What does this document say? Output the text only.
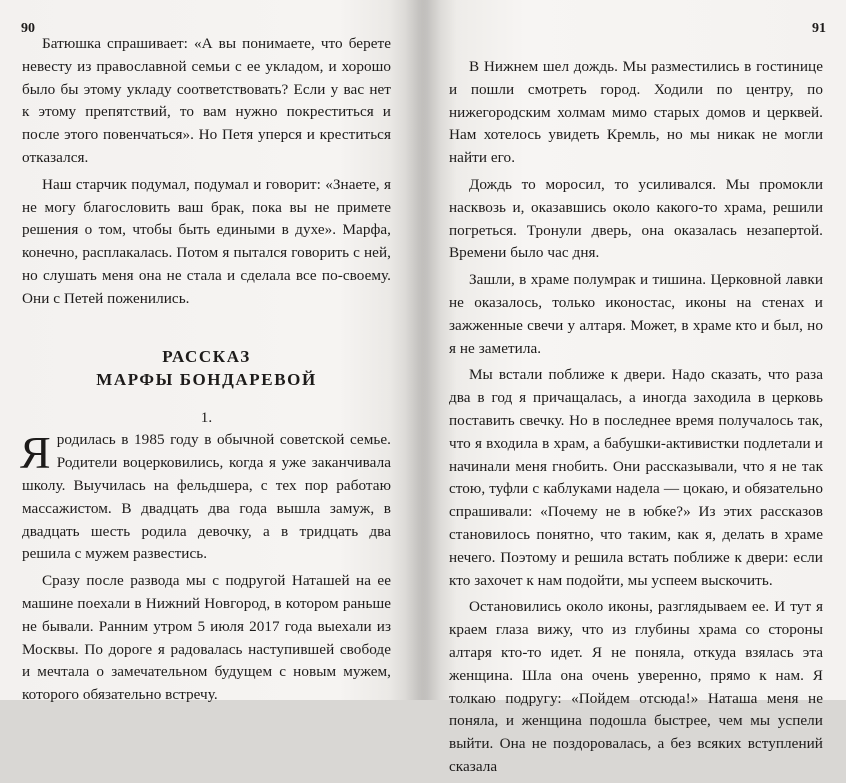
90

Батюшка спрашивает: «А вы понимаете, что берете невесту из православной семьи с ее укладом, и хорошо было бы этому укладу соответствовать? Если у вас нет к этому препятствий, то вам нужно покреститься и после этого повенчаться». Но Петя уперся и креститься отказался.

Наш старчик подумал, подумал и говорит: «Знаете, я не могу благословить ваш брак, пока вы не примете решения о том, чтобы быть едиными в духе». Марфа, конечно, расплакалась. Потом я пытался говорить с ней, но слушать меня она не стала и сделала все по-своему. Они с Петей поженились.

РАССКАЗ
МАРФЫ БОНДАРЕВОЙ
1.

Я родилась в 1985 году в обычной советской семье. Родители воцерковились, когда я уже заканчивала школу. Выучилась на фельдшера, с тех пор работаю массажистом. В двадцать два года вышла замуж, в двадцать шесть родила девочку, а в тридцать два решила с мужем развестись.

Сразу после развода мы с подругой Наташей на ее машине поехали в Нижний Новгород, в котором раньше не бывали. Ранним утром 5 июля 2017 года выехали из Москвы. По дороге я радовалась наступившей свободе и мечтала о замечательном будущем с новым мужем, которого обязательно встречу.

91

В Нижнем шел дождь. Мы разместились в гостинице и пошли смотреть город. Ходили по центру, по нижегородским холмам мимо старых домов и церквей. Нам хотелось увидеть Кремль, но мы никак не могли найти его.

Дождь то моросил, то усиливался. Мы промокли насквозь и, оказавшись около какого-то храма, решили погреться. Тронули дверь, она оказалась незапертой. Времени было час дня.

Зашли, в храме полумрак и тишина. Церковной лавки не оказалось, только иконостас, иконы на стенах и зажженные свечи у алтаря. Может, в храме кто и был, но я не заметила.

Мы встали поближе к двери. Надо сказать, что раза два в год я причащалась, а иногда заходила в церковь поставить свечку. Но в последнее время получалось так, что я входила в храм, а бабушки-активистки подлетали и начинали меня гнобить. Они рассказывали, что я не так стою, туфли с каблуками надела — цокаю, и обязательно спрашивали: «Почему не в юбке?» Из этих рассказов становилось понятно, что таким, как я, делать в храме нечего. Поэтому и решила встать поближе к двери: если кто захочет к нам подойти, мы успеем выскочить.

Остановились около иконы, разглядываем ее. И тут я краем глаза вижу, что из глубины храма со стороны алтаря кто-то идет. Я не поняла, откуда взялась эта женщина. Шла она очень уверенно, прямо к нам. Я толкаю подругу: «Пойдем отсюда!» Наташа меня не поняла, и женщина подошла быстрее, чем мы успели выйти. Она не поздоровалась, а без всяких вступлений сказала
